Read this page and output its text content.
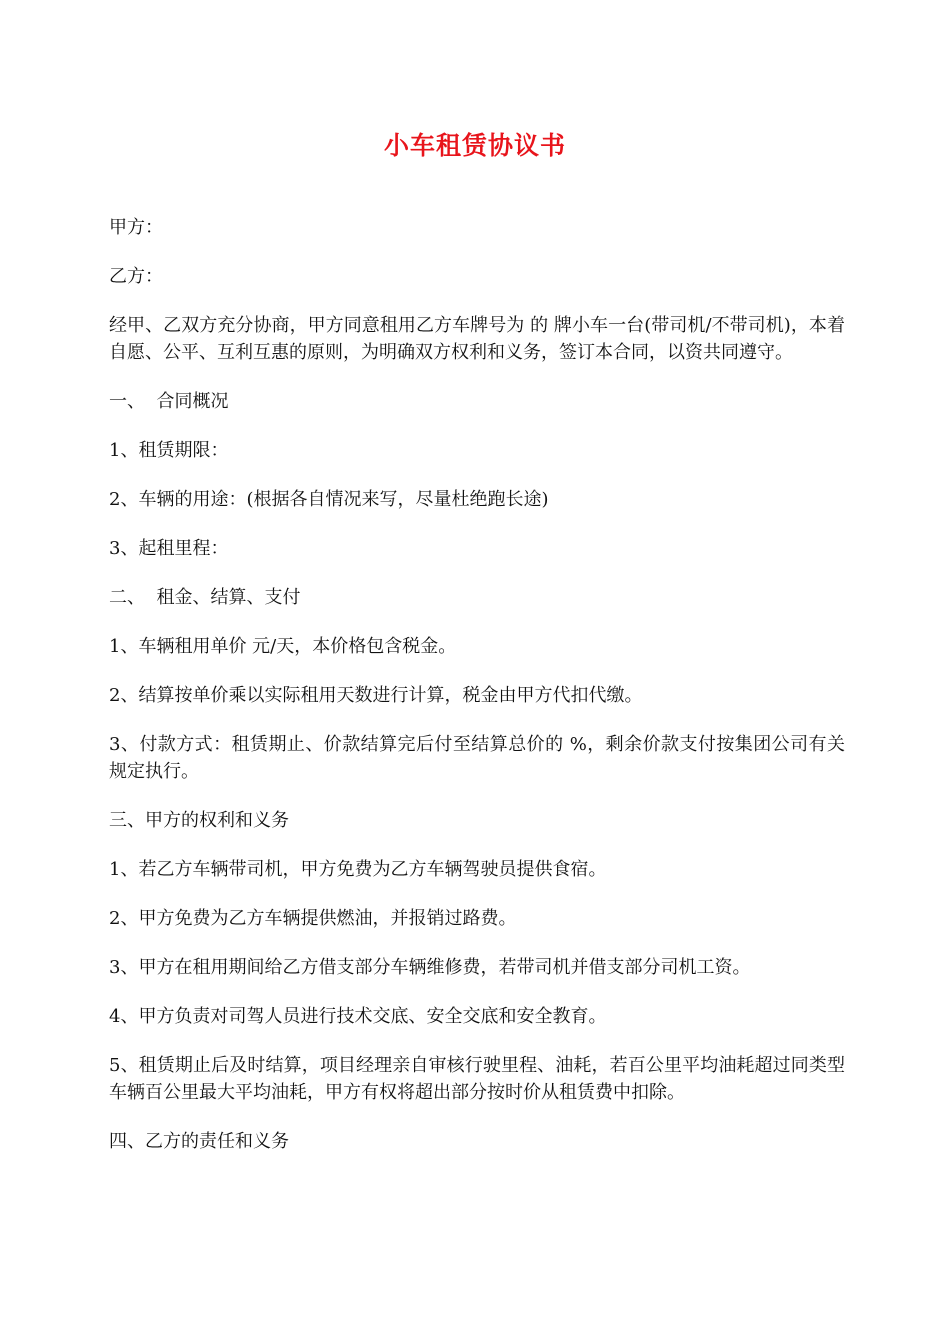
小车租赁协议书

甲方：

乙方：

经甲、乙双方充分协商，甲方同意租用乙方车牌号为 的 牌小车一台(带司机/不带司机)，本着自愿、公平、互利互惠的原则，为明确双方权利和义务，签订本合同，以资共同遵守。

一、  合同概况

1、租赁期限：

2、车辆的用途：(根据各自情况来写，尽量杜绝跑长途)

3、起租里程：

二、  租金、结算、支付

1、车辆租用单价 元/天，本价格包含税金。

2、结算按单价乘以实际租用天数进行计算，税金由甲方代扣代缴。

3、付款方式：租赁期止、价款结算完后付至结算总价的 %，剩余价款支付按集团公司有关规定执行。

三、甲方的权利和义务

1、若乙方车辆带司机，甲方免费为乙方车辆驾驶员提供食宿。

2、甲方免费为乙方车辆提供燃油，并报销过路费。

3、甲方在租用期间给乙方借支部分车辆维修费，若带司机并借支部分司机工资。

4、甲方负责对司驾人员进行技术交底、安全交底和安全教育。

5、租赁期止后及时结算，项目经理亲自审核行驶里程、油耗，若百公里平均油耗超过同类型车辆百公里最大平均油耗，甲方有权将超出部分按时价从租赁费中扣除。

四、乙方的责任和义务
